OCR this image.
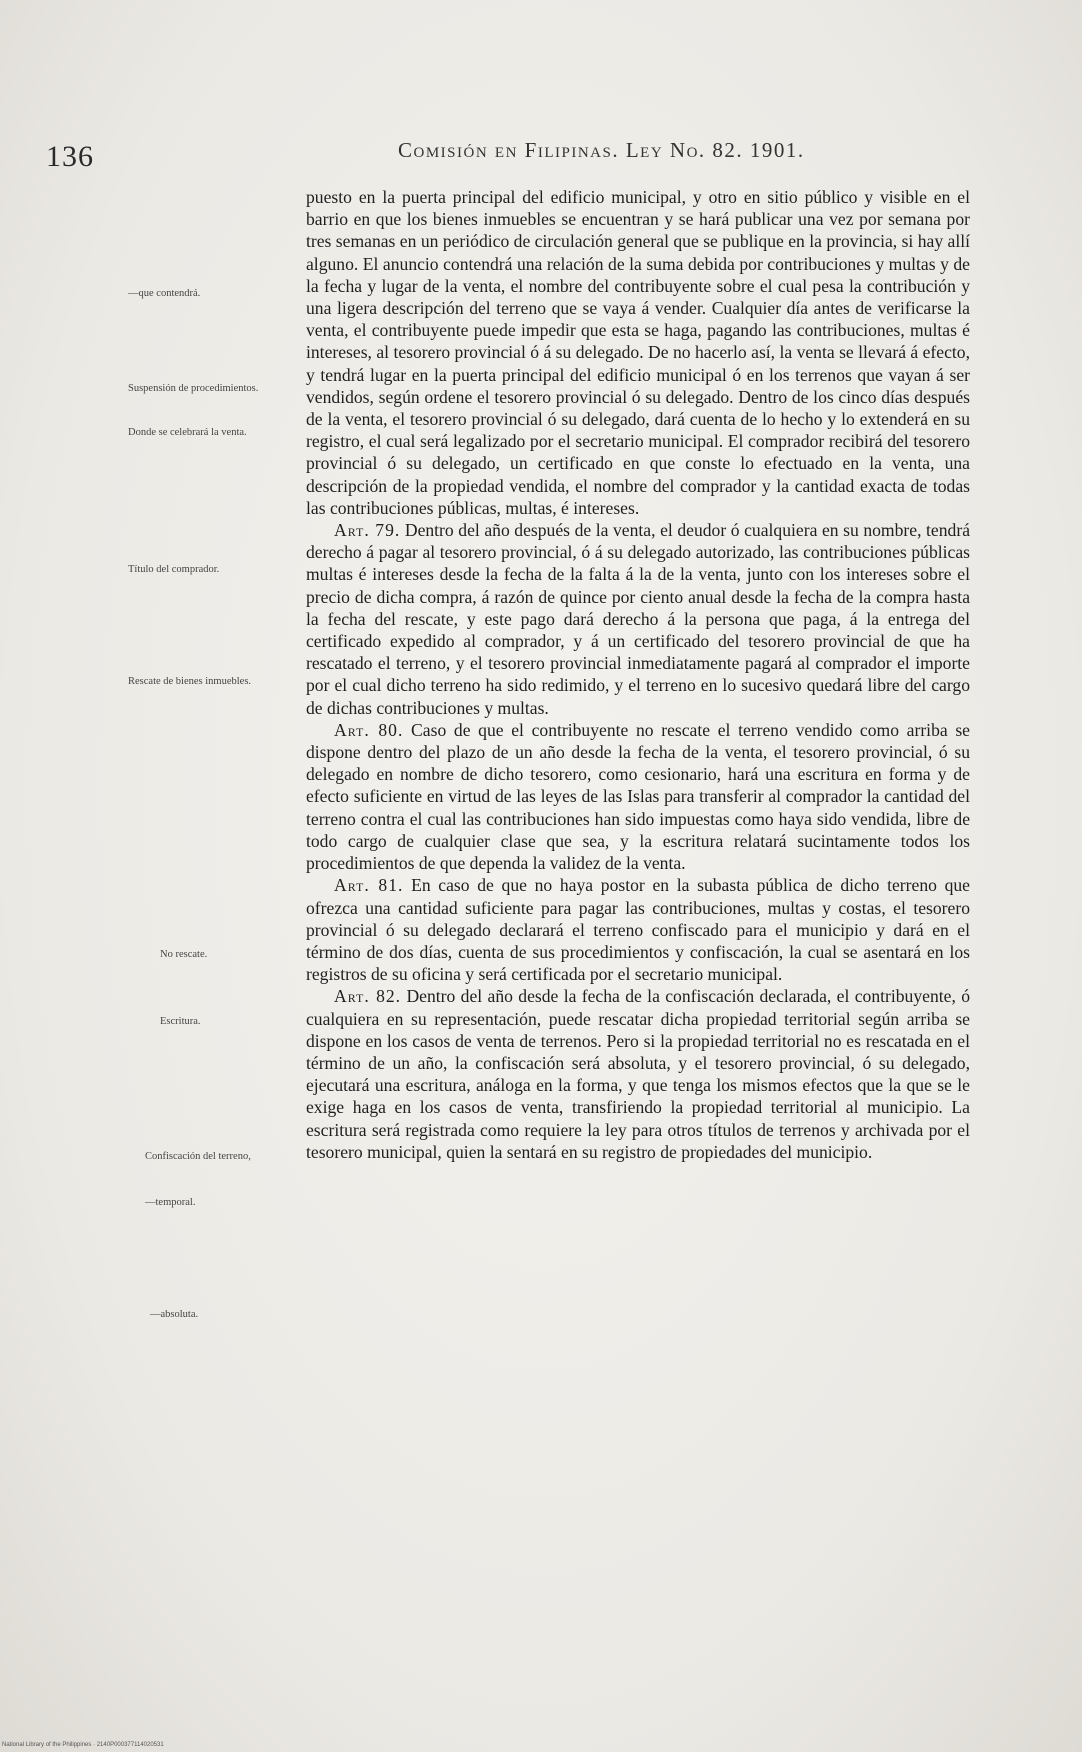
136	Comisión en Filipinas. Ley No. 82. 1901.
—que contendrá.
Suspensión de procedimientos.
Donde se celebrará la venta.
Título del comprador.
Rescate de bienes inmuebles.
No rescate.
Escritura.
Confiscación del terreno,
—temporal.
—absoluta.

puesto en la puerta principal del edificio municipal, y otro en sitio público y visible en el barrio en que los bienes inmuebles se encuentran y se hará publicar una vez por semana por tres semanas en un periódico de circulación general que se publique en la provincia, si hay allí alguno. El anuncio contendrá una relación de la suma debida por contribuciones y multas y de la fecha y lugar de la venta, el nombre del contribuyente sobre el cual pesa la contribución y una ligera descripción del terreno que se vaya á vender. Cualquier día antes de verificarse la venta, el contribuyente puede impedir que esta se haga, pagando las contribuciones, multas é intereses, al tesorero provincial ó á su delegado. De no hacerlo así, la venta se llevará á efecto, y tendrá lugar en la puerta principal del edificio municipal ó en los terrenos que vayan á ser vendidos, según ordene el tesorero provincial ó su delegado. Dentro de los cinco días después de la venta, el tesorero provincial ó su delegado, dará cuenta de lo hecho y lo extenderá en su registro, el cual será legalizado por el secretario municipal. El comprador recibirá del tesorero provincial ó su delegado, un certificado en que conste lo efectuado en la venta, una descripción de la propiedad vendida, el nombre del comprador y la cantidad exacta de todas las contribuciones públicas, multas, é intereses.

Art. 79. Dentro del año después de la venta, el deudor ó cualquiera en su nombre, tendrá derecho á pagar al tesorero provincial, ó á su delegado autorizado, las contribuciones públicas multas é intereses desde la fecha de la falta á la de la venta, junto con los intereses sobre el precio de dicha compra, á razón de quince por ciento anual desde la fecha de la compra hasta la fecha del rescate, y este pago dará derecho á la persona que paga, á la entrega del certificado expedido al comprador, y á un certificado del tesorero provincial de que ha rescatado el terreno, y el tesorero provincial inmediatamente pagará al comprador el importe por el cual dicho terreno ha sido redimido, y el terreno en lo sucesivo quedará libre del cargo de dichas contribuciones y multas.

Art. 80. Caso de que el contribuyente no rescate el terreno vendido como arriba se dispone dentro del plazo de un año desde la fecha de la venta, el tesorero provincial, ó su delegado en nombre de dicho tesorero, como cesionario, hará una escritura en forma y de efecto suficiente en virtud de las leyes de las Islas para transferir al comprador la cantidad del terreno contra el cual las contribuciones han sido impuestas como haya sido vendida, libre de todo cargo de cualquier clase que sea, y la escritura relatará sucintamente todos los procedimientos de que dependa la validez de la venta.

Art. 81. En caso de que no haya postor en la subasta pública de dicho terreno que ofrezca una cantidad suficiente para pagar las contribuciones, multas y costas, el tesorero provincial ó su delegado declarará el terreno confiscado para el municipio y dará en el término de dos días, cuenta de sus procedimientos y confiscación, la cual se asentará en los registros de su oficina y será certificada por el secretario municipal.

Art. 82. Dentro del año desde la fecha de la confiscación declarada, el contribuyente, ó cualquiera en su representación, puede rescatar dicha propiedad territorial según arriba se dispone en los casos de venta de terrenos. Pero si la propiedad territorial no es rescatada en el término de un año, la confiscación será absoluta, y el tesorero provincial, ó su delegado, ejecutará una escritura, análoga en la forma, y que tenga los mismos efectos que la que se le exige haga en los casos de venta, transfiriendo la propiedad territorial al municipio. La escritura será registrada como requiere la ley para otros títulos de terrenos y archivada por el tesorero municipal, quien la sentará en su registro de propiedades del municipio.

National Library of the Philippines · 2140P000377114020531
